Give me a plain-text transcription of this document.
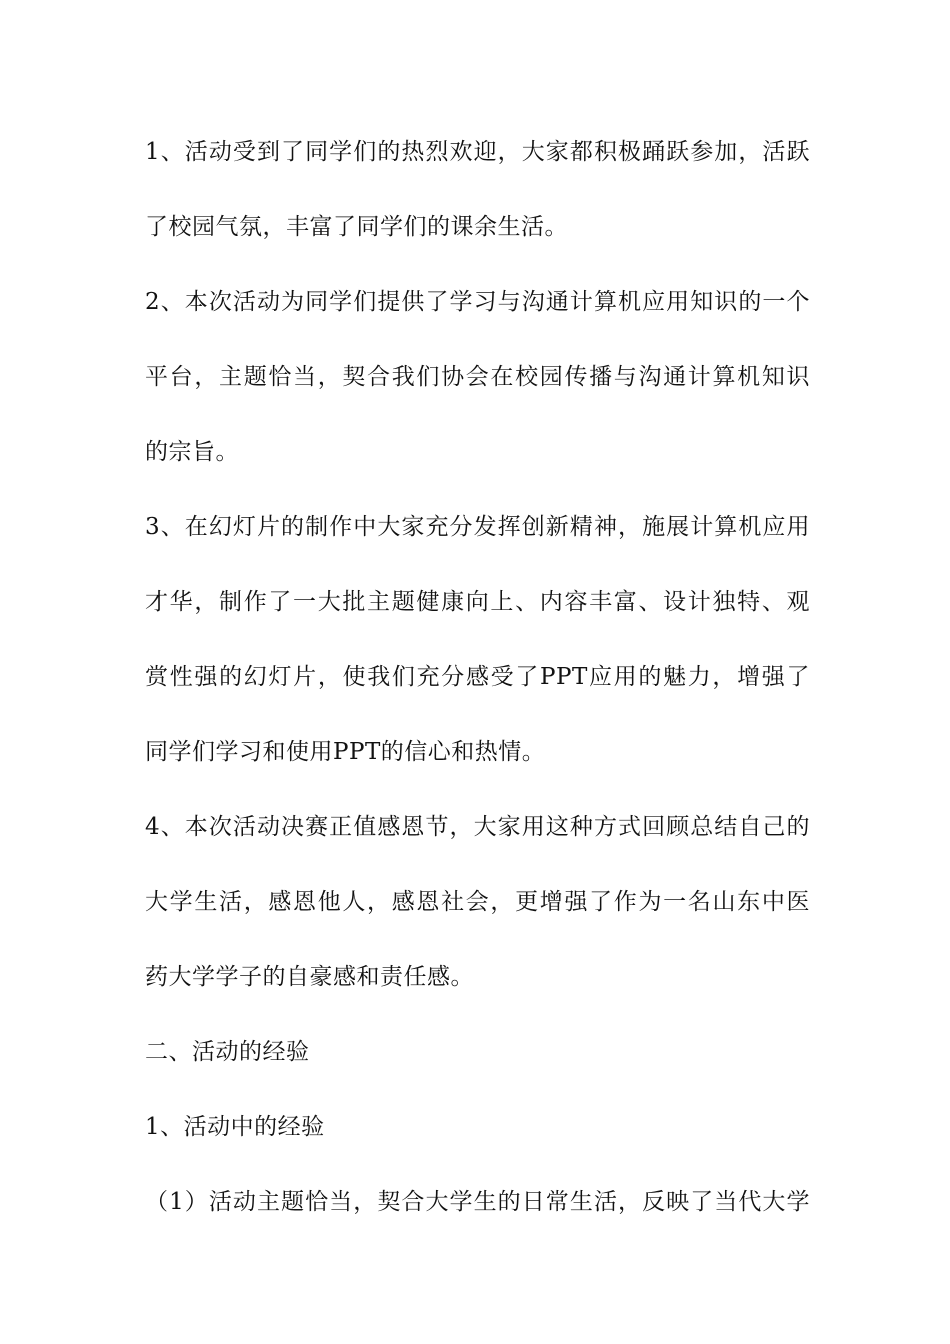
1、活动受到了同学们的热烈欢迎，大家都积极踊跃参加，活跃
了校园气氛，丰富了同学们的课余生活。
2、本次活动为同学们提供了学习与沟通计算机应用知识的一个
平台，主题恰当，契合我们协会在校园传播与沟通计算机知识
的宗旨。
3、在幻灯片的制作中大家充分发挥创新精神，施展计算机应用
才华，制作了一大批主题健康向上、内容丰富、设计独特、观
赏性强的幻灯片，使我们充分感受了PPT应用的魅力，增强了
同学们学习和使用PPT的信心和热情。
4、本次活动决赛正值感恩节，大家用这种方式回顾总结自己的
大学生活，感恩他人，感恩社会，更增强了作为一名山东中医
药大学学子的自豪感和责任感。
二、活动的经验
1、活动中的经验
（1）活动主题恰当，契合大学生的日常生活，反映了当代大学
